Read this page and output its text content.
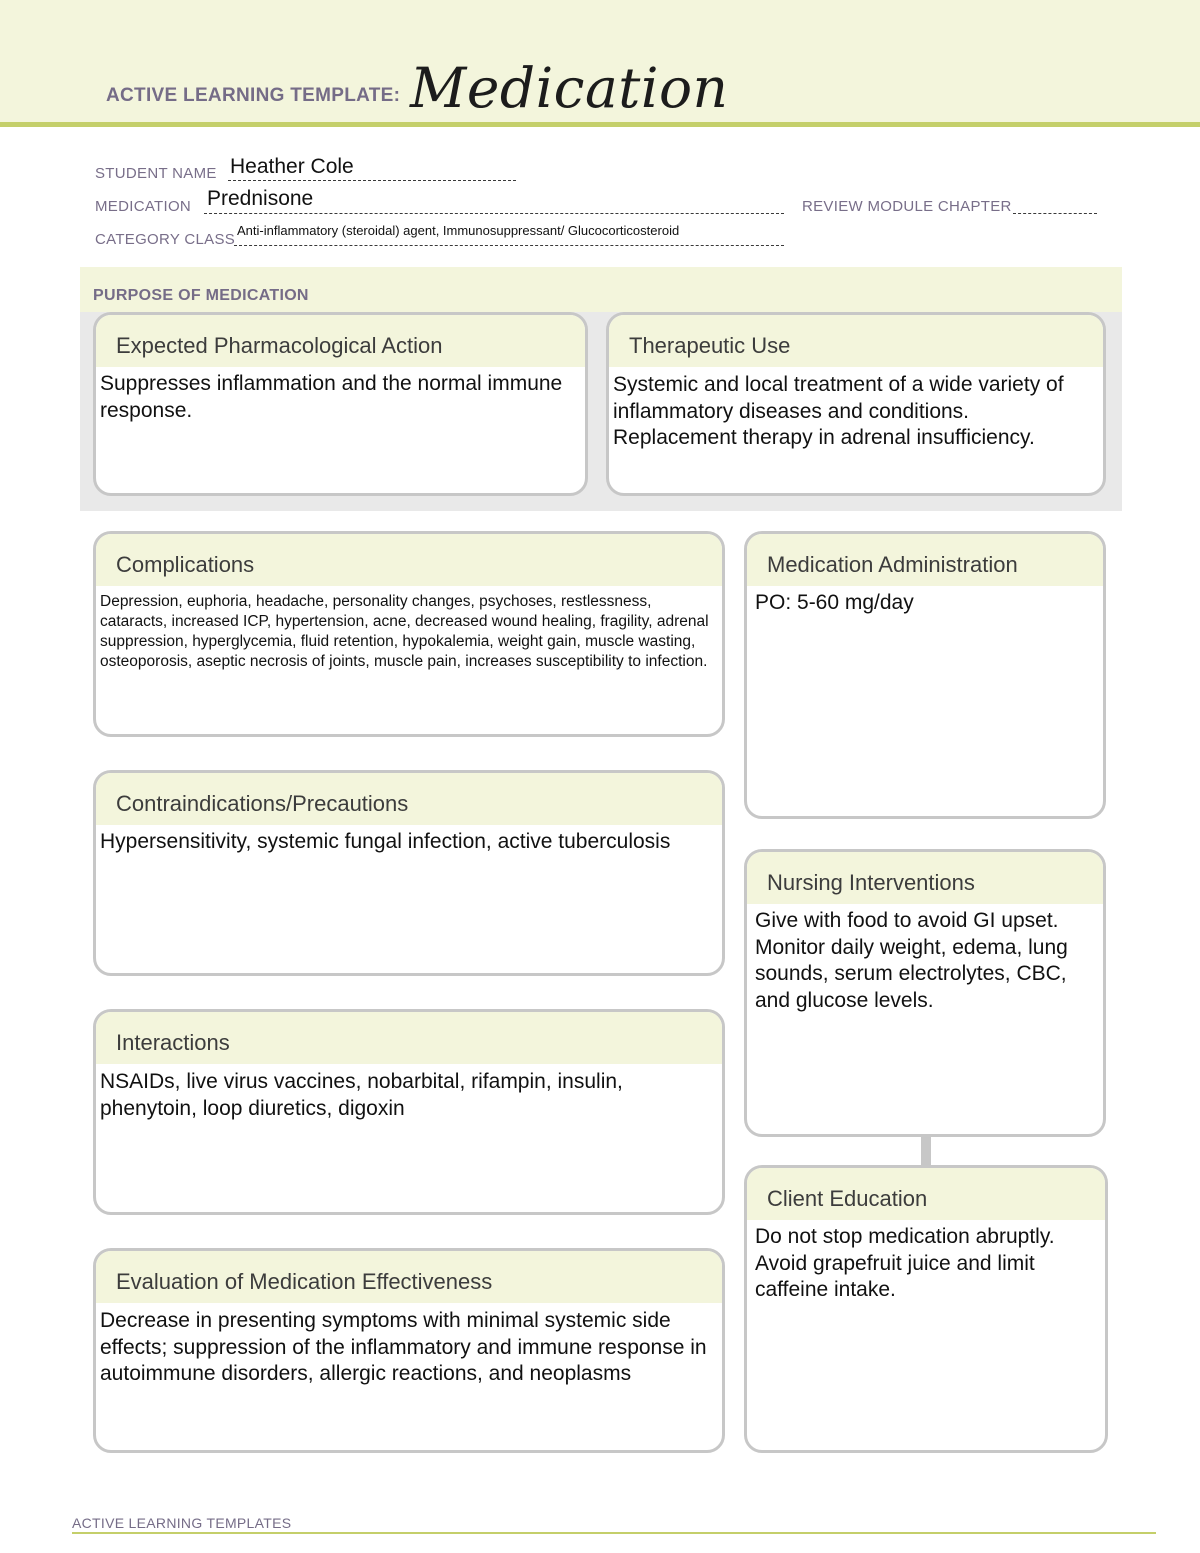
ACTIVE LEARNING TEMPLATE: Medication
STUDENT NAME Heather Cole
MEDICATION Prednisone	REVIEW MODULE CHAPTER
CATEGORY CLASS
Anti-inflammatory (steroidal) agent, Immunosuppressant/ Glucocorticosteroid
PURPOSE OF MEDICATION
Expected Pharmacological Action
Suppresses inflammation and the normal immune response.
Therapeutic Use
Systemic and local treatment of a wide variety of inflammatory diseases and conditions. Replacement therapy in adrenal insufficiency.
Complications
Depression, euphoria, headache, personality changes, psychoses, restlessness, cataracts, increased ICP, hypertension, acne, decreased wound healing, fragility, adrenal suppression, hyperglycemia, fluid retention, hypokalemia, weight gain, muscle wasting, osteoporosis, aseptic necrosis of joints, muscle pain, increases susceptibility to infection.
Medication Administration
PO: 5-60 mg/day
Contraindications/Precautions
Hypersensitivity, systemic fungal infection, active tuberculosis
Nursing Interventions
Give with food to avoid GI upset. Monitor daily weight, edema, lung sounds, serum electrolytes, CBC, and glucose levels.
Interactions
NSAIDs, live virus vaccines, nobarbital, rifampin, insulin, phenytoin, loop diuretics, digoxin
Client Education
Do not stop medication abruptly. Avoid grapefruit juice and limit caffeine intake.
Evaluation of Medication Effectiveness
Decrease in presenting symptoms with minimal systemic side effects; suppression of the inflammatory and immune response in autoimmune disorders, allergic reactions, and neoplasms
ACTIVE LEARNING TEMPLATES
